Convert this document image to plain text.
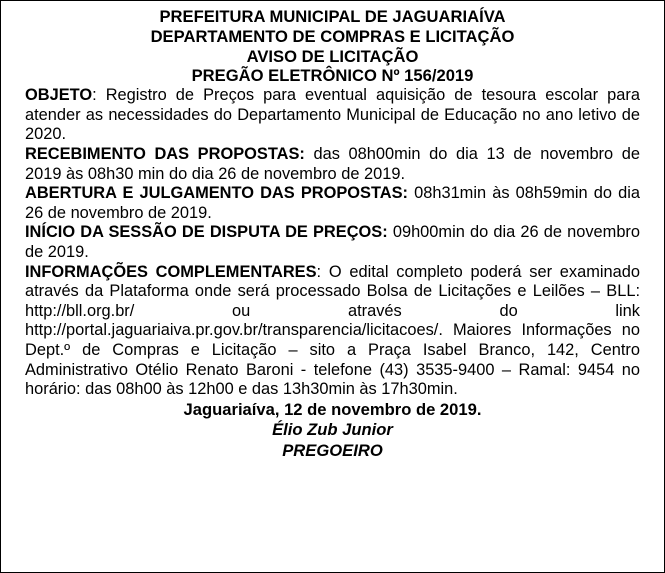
PREFEITURA MUNICIPAL DE JAGUARIAÍVA
DEPARTAMENTO DE COMPRAS E LICITAÇÃO
AVISO DE LICITAÇÃO
PREGÃO ELETRÔNICO Nº 156/2019

OBJETO: Registro de Preços para eventual aquisição de tesoura escolar para atender as necessidades do Departamento Municipal de Educação no ano letivo de 2020.

RECEBIMENTO DAS PROPOSTAS: das 08h00min do dia 13 de novembro de 2019 às 08h30 min do dia 26 de novembro de 2019.

ABERTURA E JULGAMENTO DAS PROPOSTAS: 08h31min às 08h59min do dia 26 de novembro de 2019.

INÍCIO DA SESSÃO DE DISPUTA DE PREÇOS: 09h00min do dia 26 de novembro de 2019.

INFORMAÇÕES COMPLEMENTARES: O edital completo poderá ser examinado através da Plataforma onde será processado Bolsa de Licitações e Leilões – BLL: http://bll.org.br/ ou através do link http://portal.jaguariaiva.pr.gov.br/transparencia/licitacoes/. Maiores Informações no Dept.º de Compras e Licitação – sito a Praça Isabel Branco, 142, Centro Administrativo Otélio Renato Baroni - telefone (43) 3535-9400 – Ramal: 9454 no horário: das 08h00 às 12h00 e das 13h30min às 17h30min.

Jaguariaíva, 12 de novembro de 2019.
Élio Zub Junior
PREGOEIRO
